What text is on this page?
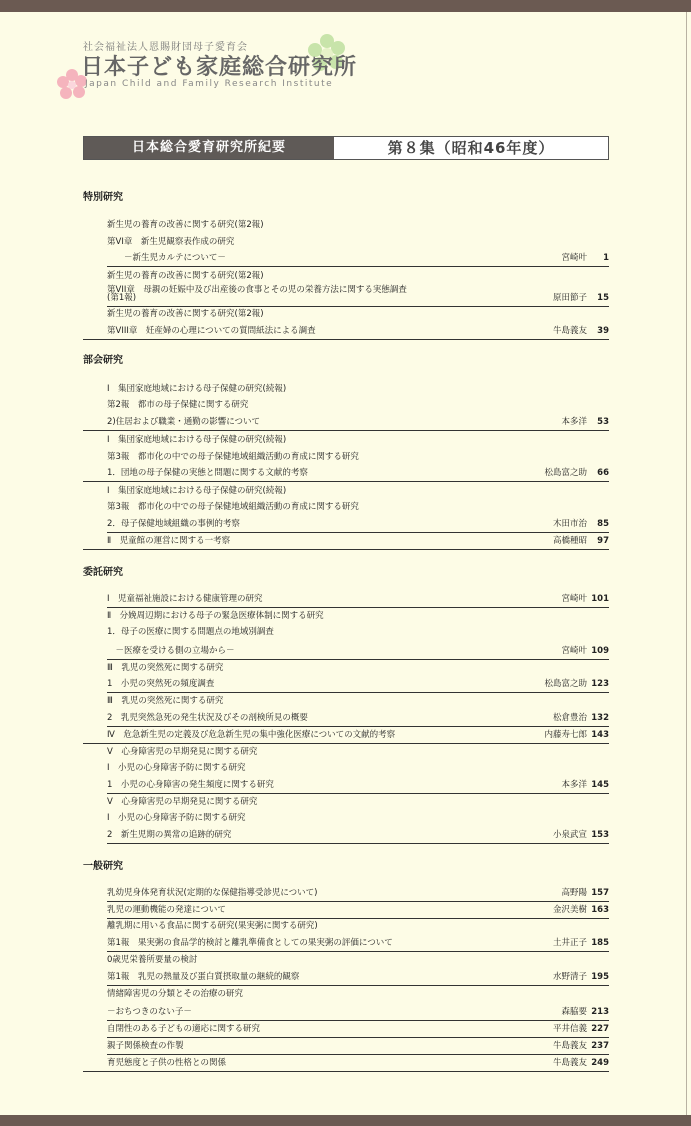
社会福祉法人恩賜財団母子愛育会
日本子ども家庭総合研究所
Japan Child and Family Research Institute
日本総合愛育研究所紀要	第８集（昭和46年度）
特別研究
部会研究
委託研究
一般研究
新生児の養育の改善に関する研究(第2報)
第VI章　新生児観察表作成の研究
　　－新生児カルテについて－	宮崎叶 1
新生児の養育の改善に関する研究(第2報)
第VII章　母親の妊娠中及び出産後の食事とその児の栄養方法に関する実態調査
(第1報)	原田節子 15
新生児の養育の改善に関する研究(第2報)
第VIII章　妊産婦の心理についての質問紙法による調査	牛島義友 39
Ⅰ　集団家庭地域における母子保健の研究(続報)
第2報　都市の母子保健に関する研究
2)住居および職業・通勤の影響について	本多洋 53
Ⅰ　集団家庭地域における母子保健の研究(続報)
第3報　都市化の中での母子保健地域組織活動の育成に関する研究
1．団地の母子保健の実態と問題に関する文献的考察	松島富之助 66
Ⅰ　集団家庭地域における母子保健の研究(続報)
第3報　都市化の中での母子保健地域組織活動の育成に関する研究
2．母子保健地域組織の事例的考察	木田市治 85
Ⅱ　児童館の運営に関する一考察	高橋種昭 97
Ⅰ　児童福祉施設における健康管理の研究	宮崎叶 101
Ⅱ　分娩周辺期における母子の緊急医療体制に関する研究
1．母子の医療に関する問題点の地域別調査
　－医療を受ける側の立場から－	宮崎叶 109
Ⅲ　乳児の突然死に関する研究
1　小児の突然死の頻度調査	松島富之助 123
Ⅲ　乳児の突然死に関する研究
2　乳児突然急死の発生状況及びその剖検所見の概要	松倉豊治 132
Ⅳ　危急新生児の定義及び危急新生児の集中強化医療についての文献的考察	内藤寿七郎 143
Ⅴ　心身障害児の早期発見に関する研究
Ⅰ　小児の心身障害予防に関する研究
1　小児の心身障害の発生頻度に関する研究	本多洋 145
Ⅴ　心身障害児の早期発見に関する研究
Ⅰ　小児の心身障害予防に関する研究
2　新生児期の異常の追跡的研究	小泉武宣 153
乳幼児身体発育状況(定期的な保健指導受診児について)	高野陽 157
乳児の運動機能の発達について	金沢美樹 163
離乳期に用いる食品に関する研究(果実粥に関する研究)
第1報　果実粥の食品学的検討と離乳準備食としての果実粥の評価について	土井正子 185
0歳児栄養所要量の検討
第1報　乳児の熱量及び蛋白質摂取量の継続的観察	水野清子 195
情緒障害児の分類とその治療の研究
－おちつきのない子－	森脇要 213
自閉性のある子どもの適応に関する研究	平井信義 227
親子関係検査の作製	牛島義友 237
育児態度と子供の性格との関係	牛島義友 249
